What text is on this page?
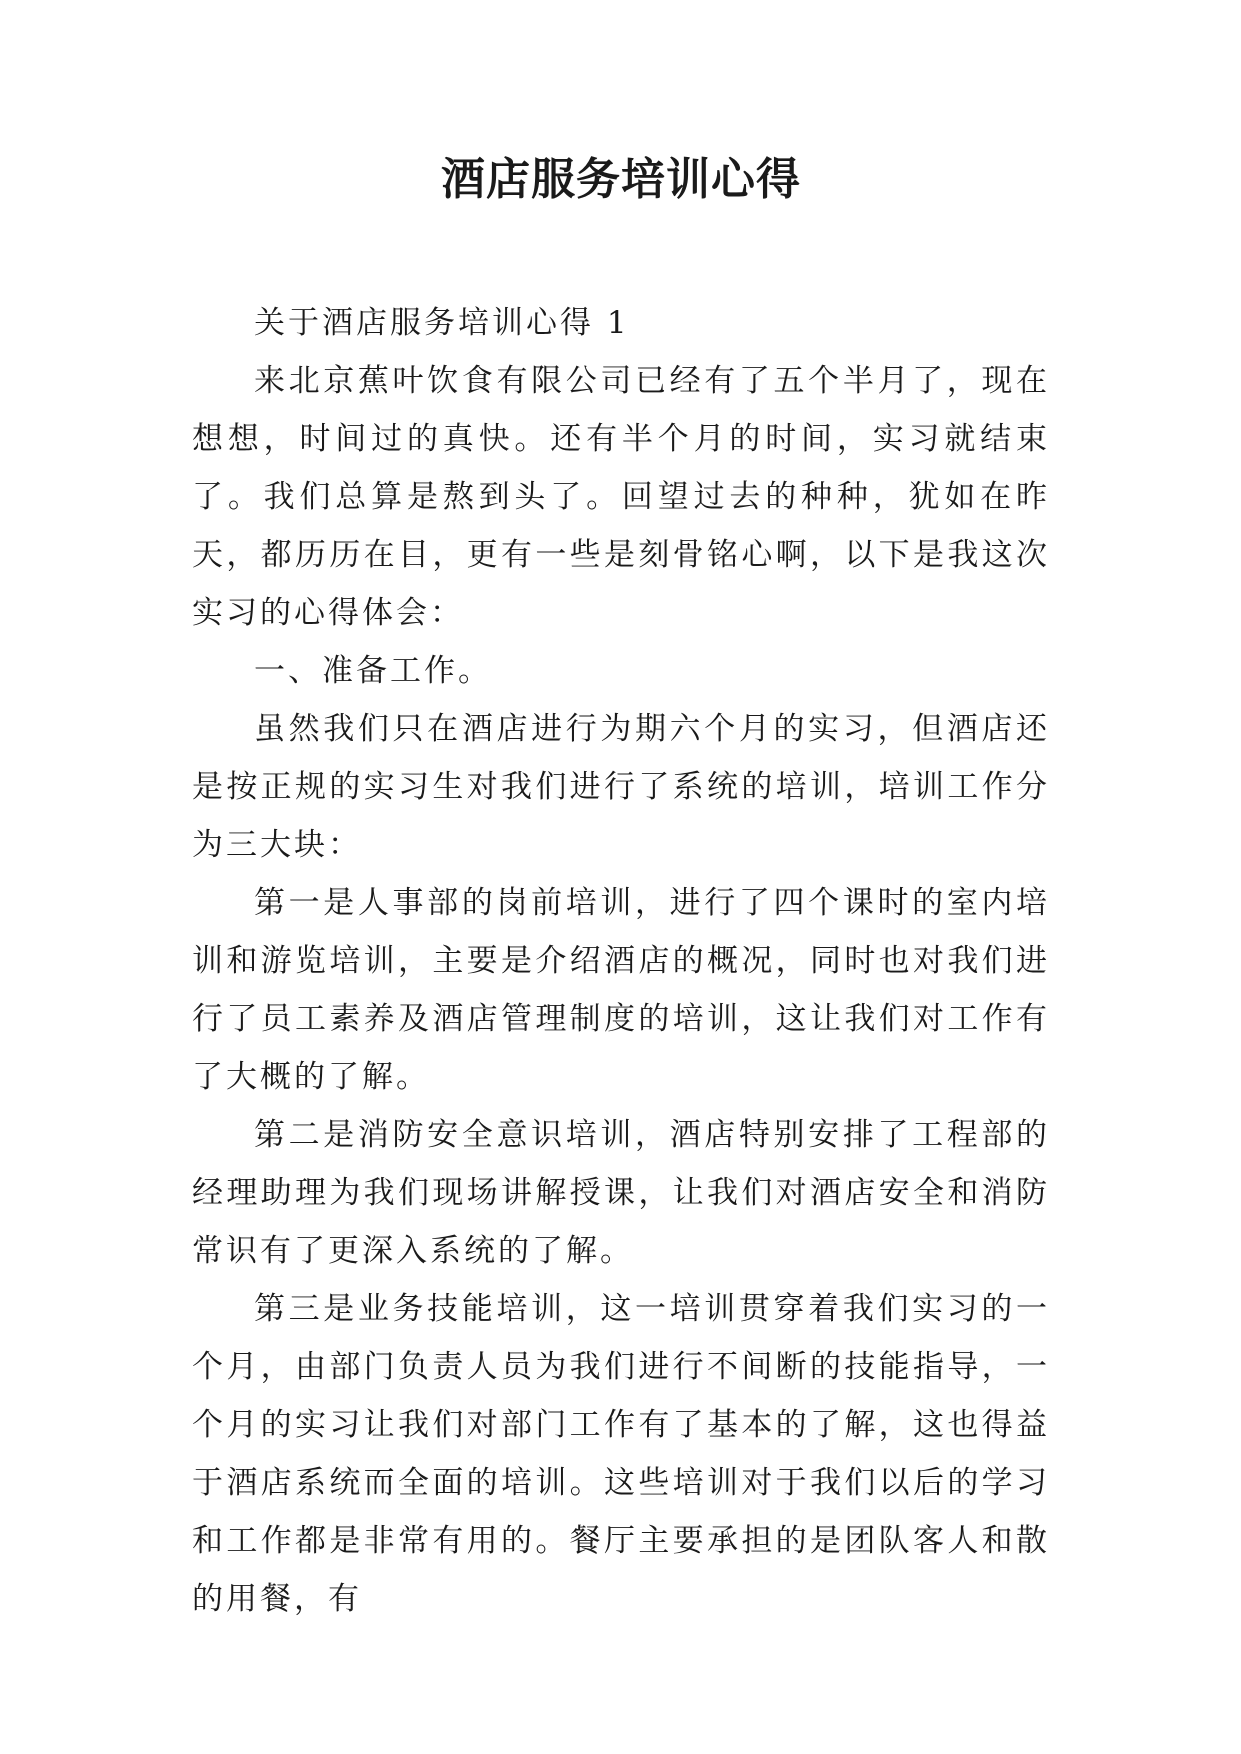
酒店服务培训心得

关于酒店服务培训心得 1

来北京蕉叶饮食有限公司已经有了五个半月了，现在想想，时间过的真快。还有半个月的时间，实习就结束了。我们总算是熬到头了。回望过去的种种，犹如在昨天，都历历在目，更有一些是刻骨铭心啊，以下是我这次实习的心得体会：

一、准备工作。

虽然我们只在酒店进行为期六个月的实习，但酒店还是按正规的实习生对我们进行了系统的培训，培训工作分为三大块：

第一是人事部的岗前培训，进行了四个课时的室内培训和游览培训，主要是介绍酒店的概况，同时也对我们进行了员工素养及酒店管理制度的培训，这让我们对工作有了大概的了解。

第二是消防安全意识培训，酒店特别安排了工程部的经理助理为我们现场讲解授课，让我们对酒店安全和消防常识有了更深入系统的了解。

第三是业务技能培训，这一培训贯穿着我们实习的一个月，由部门负责人员为我们进行不间断的技能指导，一个月的实习让我们对部门工作有了基本的了解，这也得益于酒店系统而全面的培训。这些培训对于我们以后的学习和工作都是非常有用的。餐厅主要承担的是团队客人和散的用餐，有
